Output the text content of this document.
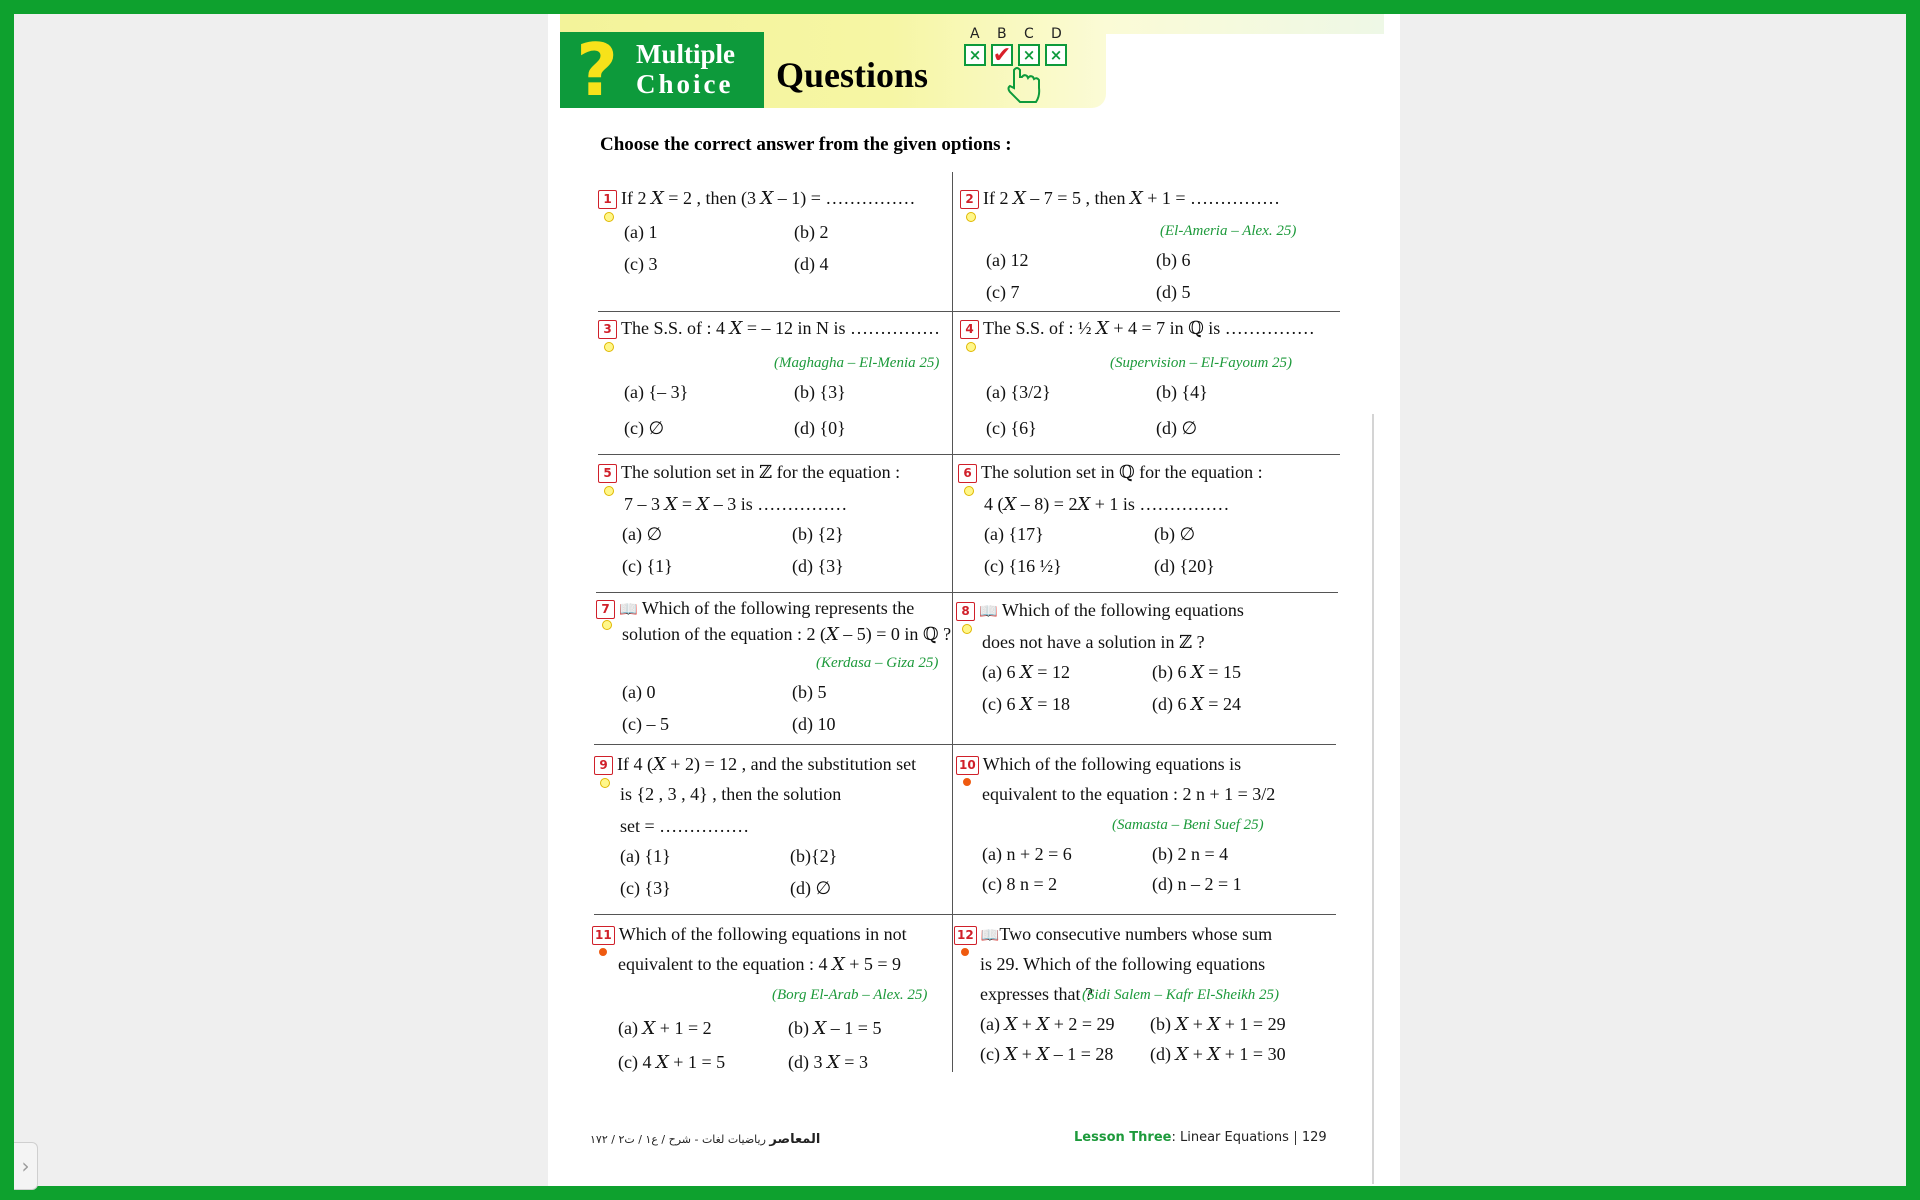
›
? Multiple
Choice Questions
A B C D
× ✔ × ×
Choose the correct answer from the given options :
1 If 2 𝑋 = 2 , then (3 𝑋 – 1) = ……………
(a) 1	(b) 2
(c) 3	(d) 4
2 If 2 𝑋 – 7 = 5 , then 𝑋 + 1 = ……………
(El-Ameria – Alex. 25)
(a) 12	(b) 6
(c) 7	(d) 5
3 The S.S. of : 4 𝑋 = – 12 in N is ……………
(Maghagha – El-Menia 25)
(a) {– 3}	(b) {3}
(c) ∅	(d) {0}
4 The S.S. of : ½ 𝑋 + 4 = 7 in ℚ is ……………
(Supervision – El-Fayoum 25)
(a) {3/2}	(b) {4}
(c) {6}	(d) ∅
5 The solution set in ℤ for the equation :
7 – 3 𝑋 = 𝑋 – 3 is ……………
(a) ∅	(b) {2}
(c) {1}	(d) {3}
6 The solution set in ℚ for the equation :
4 (𝑋 – 8) = 2𝑋 + 1 is ……………
(a) {17}	(b) ∅
(c) {16 ½}	(d) {20}
7 📖 Which of the following represents the
solution of the equation : 2 (𝑋 – 5) = 0 in ℚ ?
(Kerdasa – Giza 25)
(a) 0	(b) 5
(c) – 5	(d) 10
8 📖 Which of the following equations
does not have a solution in ℤ ?
(a) 6 𝑋 = 12	(b) 6 𝑋 = 15
(c) 6 𝑋 = 18	(d) 6 𝑋 = 24
9 If 4 (𝑋 + 2) = 12 , and the substitution set
is {2 , 3 , 4} , then the solution
set = ……………
(a) {1}	(b){2}
(c) {3}	(d) ∅
10 Which of the following equations is
equivalent to the equation : 2 n + 1 = 3/2
(Samasta – Beni Suef 25)
(a) n + 2 = 6	(b) 2 n = 4
(c) 8 n = 2	(d) n – 2 = 1
11 Which of the following equations in not
equivalent to the equation : 4 𝑋 + 5 = 9
(Borg El-Arab – Alex. 25)
(a) 𝑋 + 1 = 2	(b) 𝑋 – 1 = 5
(c) 4 𝑋 + 1 = 5	(d) 3 𝑋 = 3
12 📖Two consecutive numbers whose sum
is 29. Which of the following equations
expresses that ?
(Sidi Salem – Kafr El-Sheikh 25)
(a) 𝑋 + 𝑋 + 2 = 29 (b) 𝑋 + 𝑋 + 1 = 29
(c) 𝑋 + 𝑋 – 1 = 28 (d) 𝑋 + 𝑋 + 1 = 30
المعاصر رياضيات لغات - شرح / ع١ / ت٢ / ١٧٢	Lesson Three: Linear Equations 129
